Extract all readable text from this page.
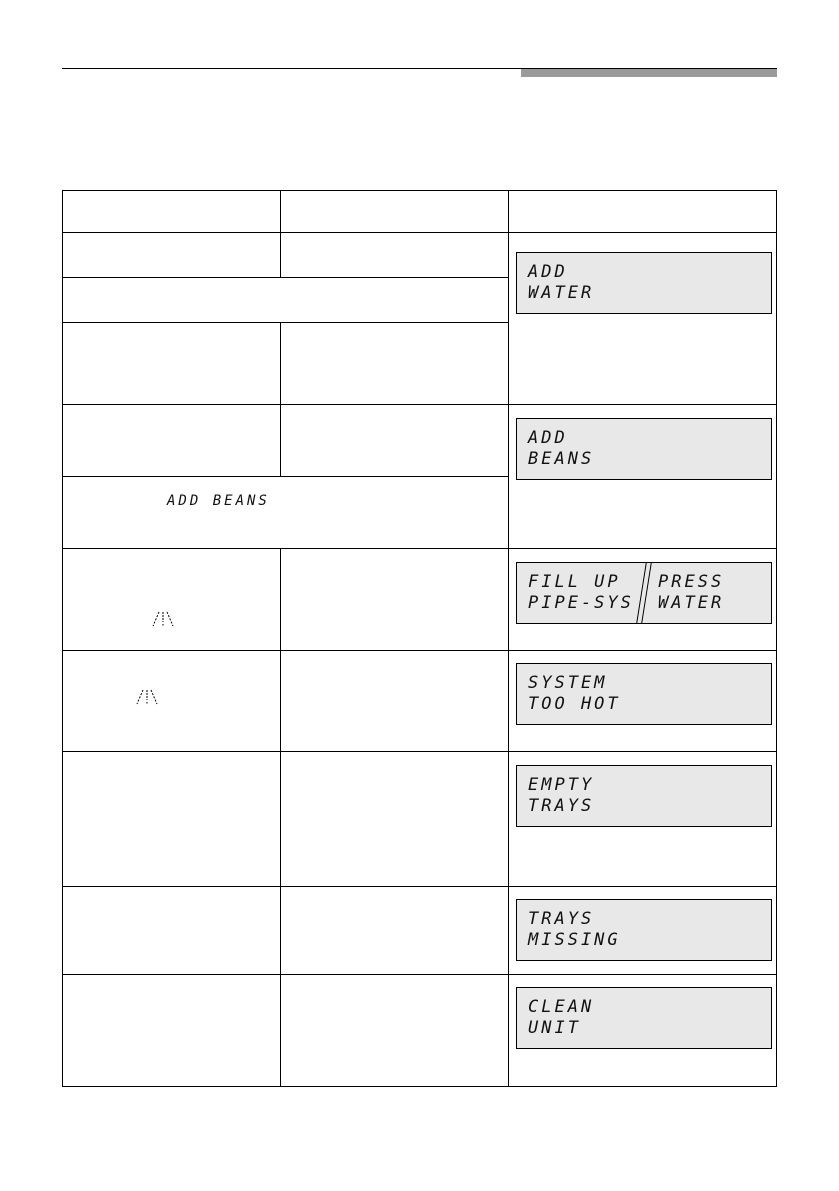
ADD BEANS
ADD
WATER
ADD
BEANS
FILL UP
PIPE-SYS
PRESS
WATER
SYSTEM
TOO HOT
EMPTY
TRAYS
TRAYS
MISSING
CLEAN
UNIT
